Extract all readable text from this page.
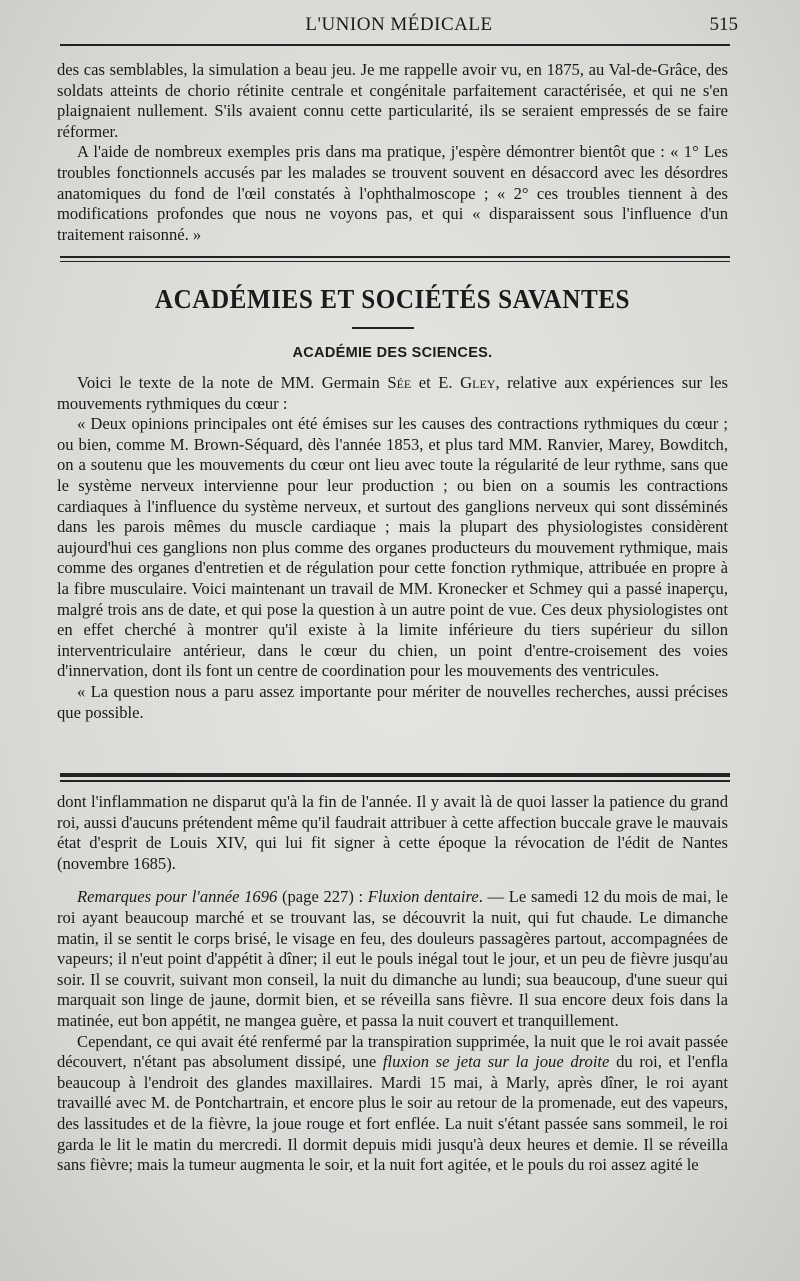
L'UNION MÉDICALE	515

des cas semblables, la simulation a beau jeu. Je me rappelle avoir vu, en 1875, au Val-de-Grâce, des soldats atteints de chorio rétinite centrale et congénitale parfaitement caractérisée, et qui ne s'en plaignaient nullement. S'ils avaient connu cette particularité, ils se seraient empressés de se faire réformer.

A l'aide de nombreux exemples pris dans ma pratique, j'espère démontrer bientôt que : « 1° Les troubles fonctionnels accusés par les malades se trouvent souvent en désaccord avec les désordres anatomiques du fond de l'œil constatés à l'ophthalmoscope ; « 2° ces troubles tiennent à des modifications profondes que nous ne voyons pas, et qui « disparaissent sous l'influence d'un traitement raisonné. »

ACADÉMIES ET SOCIÉTÉS SAVANTES
ACADÉMIE DES SCIENCES.

Voici le texte de la note de MM. Germain Sée et E. Gley, relative aux expériences sur les mouvements rythmiques du cœur :

« Deux opinions principales ont été émises sur les causes des contractions rythmiques du cœur ; ou bien, comme M. Brown-Séquard, dès l'année 1853, et plus tard MM. Ranvier, Marey, Bowditch, on a soutenu que les mouvements du cœur ont lieu avec toute la régularité de leur rythme, sans que le système nerveux intervienne pour leur production ; ou bien on a soumis les contractions cardiaques à l'influence du système nerveux, et surtout des ganglions nerveux qui sont disséminés dans les parois mêmes du muscle cardiaque ; mais la plupart des physiologistes considèrent aujourd'hui ces ganglions non plus comme des organes producteurs du mouvement rythmique, mais comme des organes d'entretien et de régulation pour cette fonction rythmique, attribuée en propre à la fibre musculaire. Voici maintenant un travail de MM. Kronecker et Schmey qui a passé inaperçu, malgré trois ans de date, et qui pose la question à un autre point de vue. Ces deux physiologistes ont en effet cherché à montrer qu'il existe à la limite inférieure du tiers supérieur du sillon interventriculaire antérieur, dans le cœur du chien, un point d'entre-croisement des voies d'innervation, dont ils font un centre de coordination pour les mouvements des ventricules.

« La question nous a paru assez importante pour mériter de nouvelles recherches, aussi précises que possible.

dont l'inflammation ne disparut qu'à la fin de l'année. Il y avait là de quoi lasser la patience du grand roi, aussi d'aucuns prétendent même qu'il faudrait attribuer à cette affection buccale grave le mauvais état d'esprit de Louis XIV, qui lui fit signer à cette époque la révocation de l'édit de Nantes (novembre 1685).

Remarques pour l'année 1696 (page 227) : Fluxion dentaire. — Le samedi 12 du mois de mai, le roi ayant beaucoup marché et se trouvant las, se découvrit la nuit, qui fut chaude. Le dimanche matin, il se sentit le corps brisé, le visage en feu, des douleurs passagères partout, accompagnées de vapeurs; il n'eut point d'appétit à dîner; il eut le pouls inégal tout le jour, et un peu de fièvre jusqu'au soir. Il se couvrit, suivant mon conseil, la nuit du dimanche au lundi; sua beaucoup, d'une sueur qui marquait son linge de jaune, dormit bien, et se réveilla sans fièvre. Il sua encore deux fois dans la matinée, eut bon appétit, ne mangea guère, et passa la nuit couvert et tranquillement.

Cependant, ce qui avait été renfermé par la transpiration supprimée, la nuit que le roi avait passée découvert, n'étant pas absolument dissipé, une fluxion se jeta sur la joue droite du roi, et l'enfla beaucoup à l'endroit des glandes maxillaires. Mardi 15 mai, à Marly, après dîner, le roi ayant travaillé avec M. de Pontchartrain, et encore plus le soir au retour de la promenade, eut des vapeurs, des lassitudes et de la fièvre, la joue rouge et fort enflée. La nuit s'étant passée sans sommeil, le roi garda le lit le matin du mercredi. Il dormit depuis midi jusqu'à deux heures et demie. Il se réveilla sans fièvre; mais la tumeur augmenta le soir, et la nuit fort agitée, et le pouls du roi assez agité le
